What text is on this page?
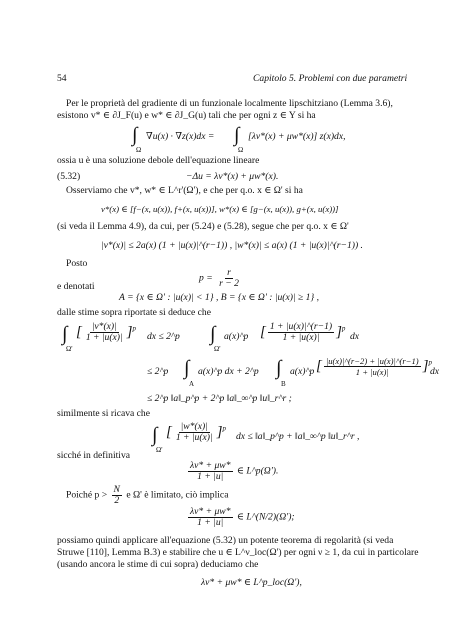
54	Capitolo 5. Problemi con due parametri
Per le proprietà del gradiente di un funzionale localmente lipschitziano (Lemma 3.6),
esistono v* ∈ ∂J_F(u) e w* ∈ ∂J_G(u) tali che per ogni z ∈ Y si ha
∫
Ω
∇u(x) · ∇z(x)dx = ∫
Ω
[λv*(x) + μw*(x)] z(x)dx,
ossia u è una soluzione debole dell'equazione lineare
(5.32)	−Δu = λv*(x) + μw*(x).
Osserviamo che v*, w* ∈ L^r'(Ω'), e che per q.o. x ∈ Ω' si ha
v*(x) ∈ [f−(x, u(x)), f+(x, u(x))], w*(x) ∈ [g−(x, u(x)), g+(x, u(x))]
(si veda il Lemma 4.9), da cui, per (5.24) e (5.28), segue che per q.o. x ∈ Ω'
|v*(x)| ≤ 2a(x) (1 + |u(x)|^(r−1)) , |w*(x)| ≤ a(x) (1 + |u(x)|^(r−1)) .
Posto
$p = \frac{r}{r - 2}$
e denotati
A = {x ∈ Ω' : |u(x)| < 1} , B = {x ∈ Ω' : |u(x)| ≥ 1} ,
dalle stime sopra riportate si deduce che
∫
Ω'
[ $\frac{|v*(x)|}{1 + |u(x)|} ]^p$
dx ≤ 2^p ∫
Ω'
a(x)^p [ $\frac{1 + |u(x)|\^{}(r-1)}{1 + |u(x)|} ]^p$
dx
∫
A
≤ 2^p	a(x)^p dx + 2^p ∫
B
a(x)^p [ $\frac{|u(x)|\^{}(r-2) + |u(x)|\^{}(r-1)}{1 + |u(x)|} ]^p$
dx
≤ 2^p ‖a‖_p^p + 2^p ‖a‖_∞^p ‖u‖_r^r ;
similmente si ricava che
∫
Ω'
[ $\frac{|w*(x)|}{1 + |u(x)|} ]^p$
dx ≤ ‖a‖_p^p + ‖a‖_∞^p ‖u‖_r^r ,
sicché in definitiva
$\frac{\lambda v* + \mu w*}{1 + |u|}$ ∈ L^p(Ω').
Poiché $p > \frac{N}{2}$ e Ω' è limitato, ciò implica
$\frac{\lambda v* + \mu w*}{1 + |u|}$ ∈ L^(N/2)(Ω');
possiamo quindi applicare all'equazione (5.32) un potente teorema di regolarità (si veda
Struwe [110], Lemma B.3) e stabilire che u ∈ L^ν_loc(Ω') per ogni ν ≥ 1, da cui in particolare
(usando ancora le stime di cui sopra) deduciamo che
λv* + μw* ∈ L^p_loc(Ω'),
